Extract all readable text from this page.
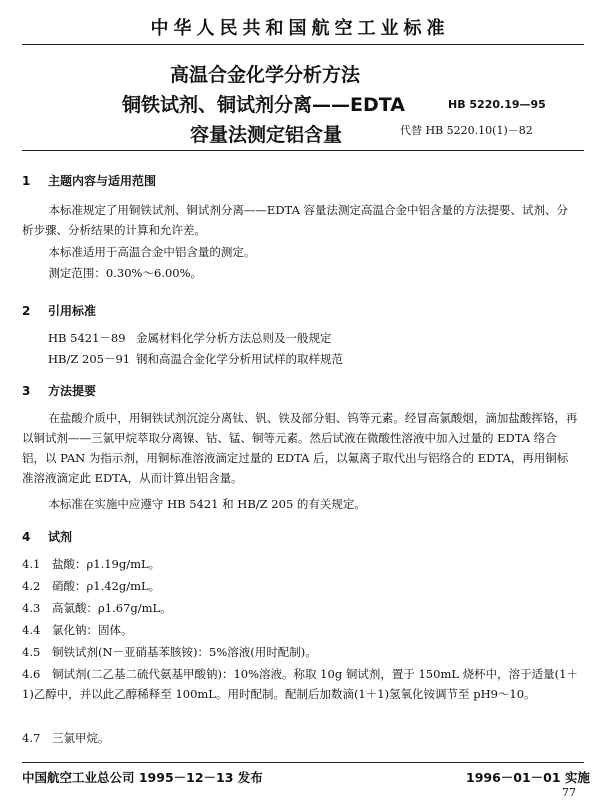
中华人民共和国航空工业标准
高温合金化学分析方法
铜铁试剂、铜试剂分离——EDTA
容量法测定铝含量
HB 5220.19—95
代替 HB 5220.10(1)－82
1 主题内容与适用范围
本标准规定了用铜铁试剂、铜试剂分离——EDTA 容量法测定高温合金中铝含量的方法提要、试剂、分析步骤、分析结果的计算和允许差。
本标准适用于高温合金中铝含量的测定。
测定范围：0.30%～6.00%。
2 引用标准
HB 5421－89 金属材料化学分析方法总则及一般规定
HB/Z 205－91 钢和高温合金化学分析用试样的取样规范
3 方法提要
在盐酸介质中，用铜铁试剂沉淀分离钛、钒、铁及部分钼、钨等元素。经冒高氯酸烟，滴加盐酸挥铬，再以铜试剂——三氯甲烷萃取分离镍、钴、锰、铜等元素。然后试液在微酸性溶液中加入过量的 EDTA 络合铝，以 PAN 为指示剂，用铜标准溶液滴定过量的 EDTA 后，以氟离子取代出与铝络合的 EDTA，再用铜标准溶液滴定此 EDTA，从而计算出铝含量。
本标准在实施中应遵守 HB 5421 和 HB/Z 205 的有关规定。
4 试剂
4.1 盐酸：ρ1.19g/mL。
4.2 硝酸：ρ1.42g/mL。
4.3 高氯酸：ρ1.67g/mL。
4.4 氯化钠：固体。
4.5 铜铁试剂(N－亚硝基苯胲铵)：5%溶液(用时配制)。
4.6 铜试剂(二乙基二硫代氨基甲酸钠)：10%溶液。称取 10g 铜试剂，置于 150mL 烧杯中，溶于适量(1＋1)乙醇中，并以此乙醇稀释至 100mL。用时配制。配制后加数滴(1＋1)氢氧化铵调节至 pH9～10。
4.7 三氯甲烷。
中国航空工业总公司 1995－12－13 发布	1996－01－01 实施
77
